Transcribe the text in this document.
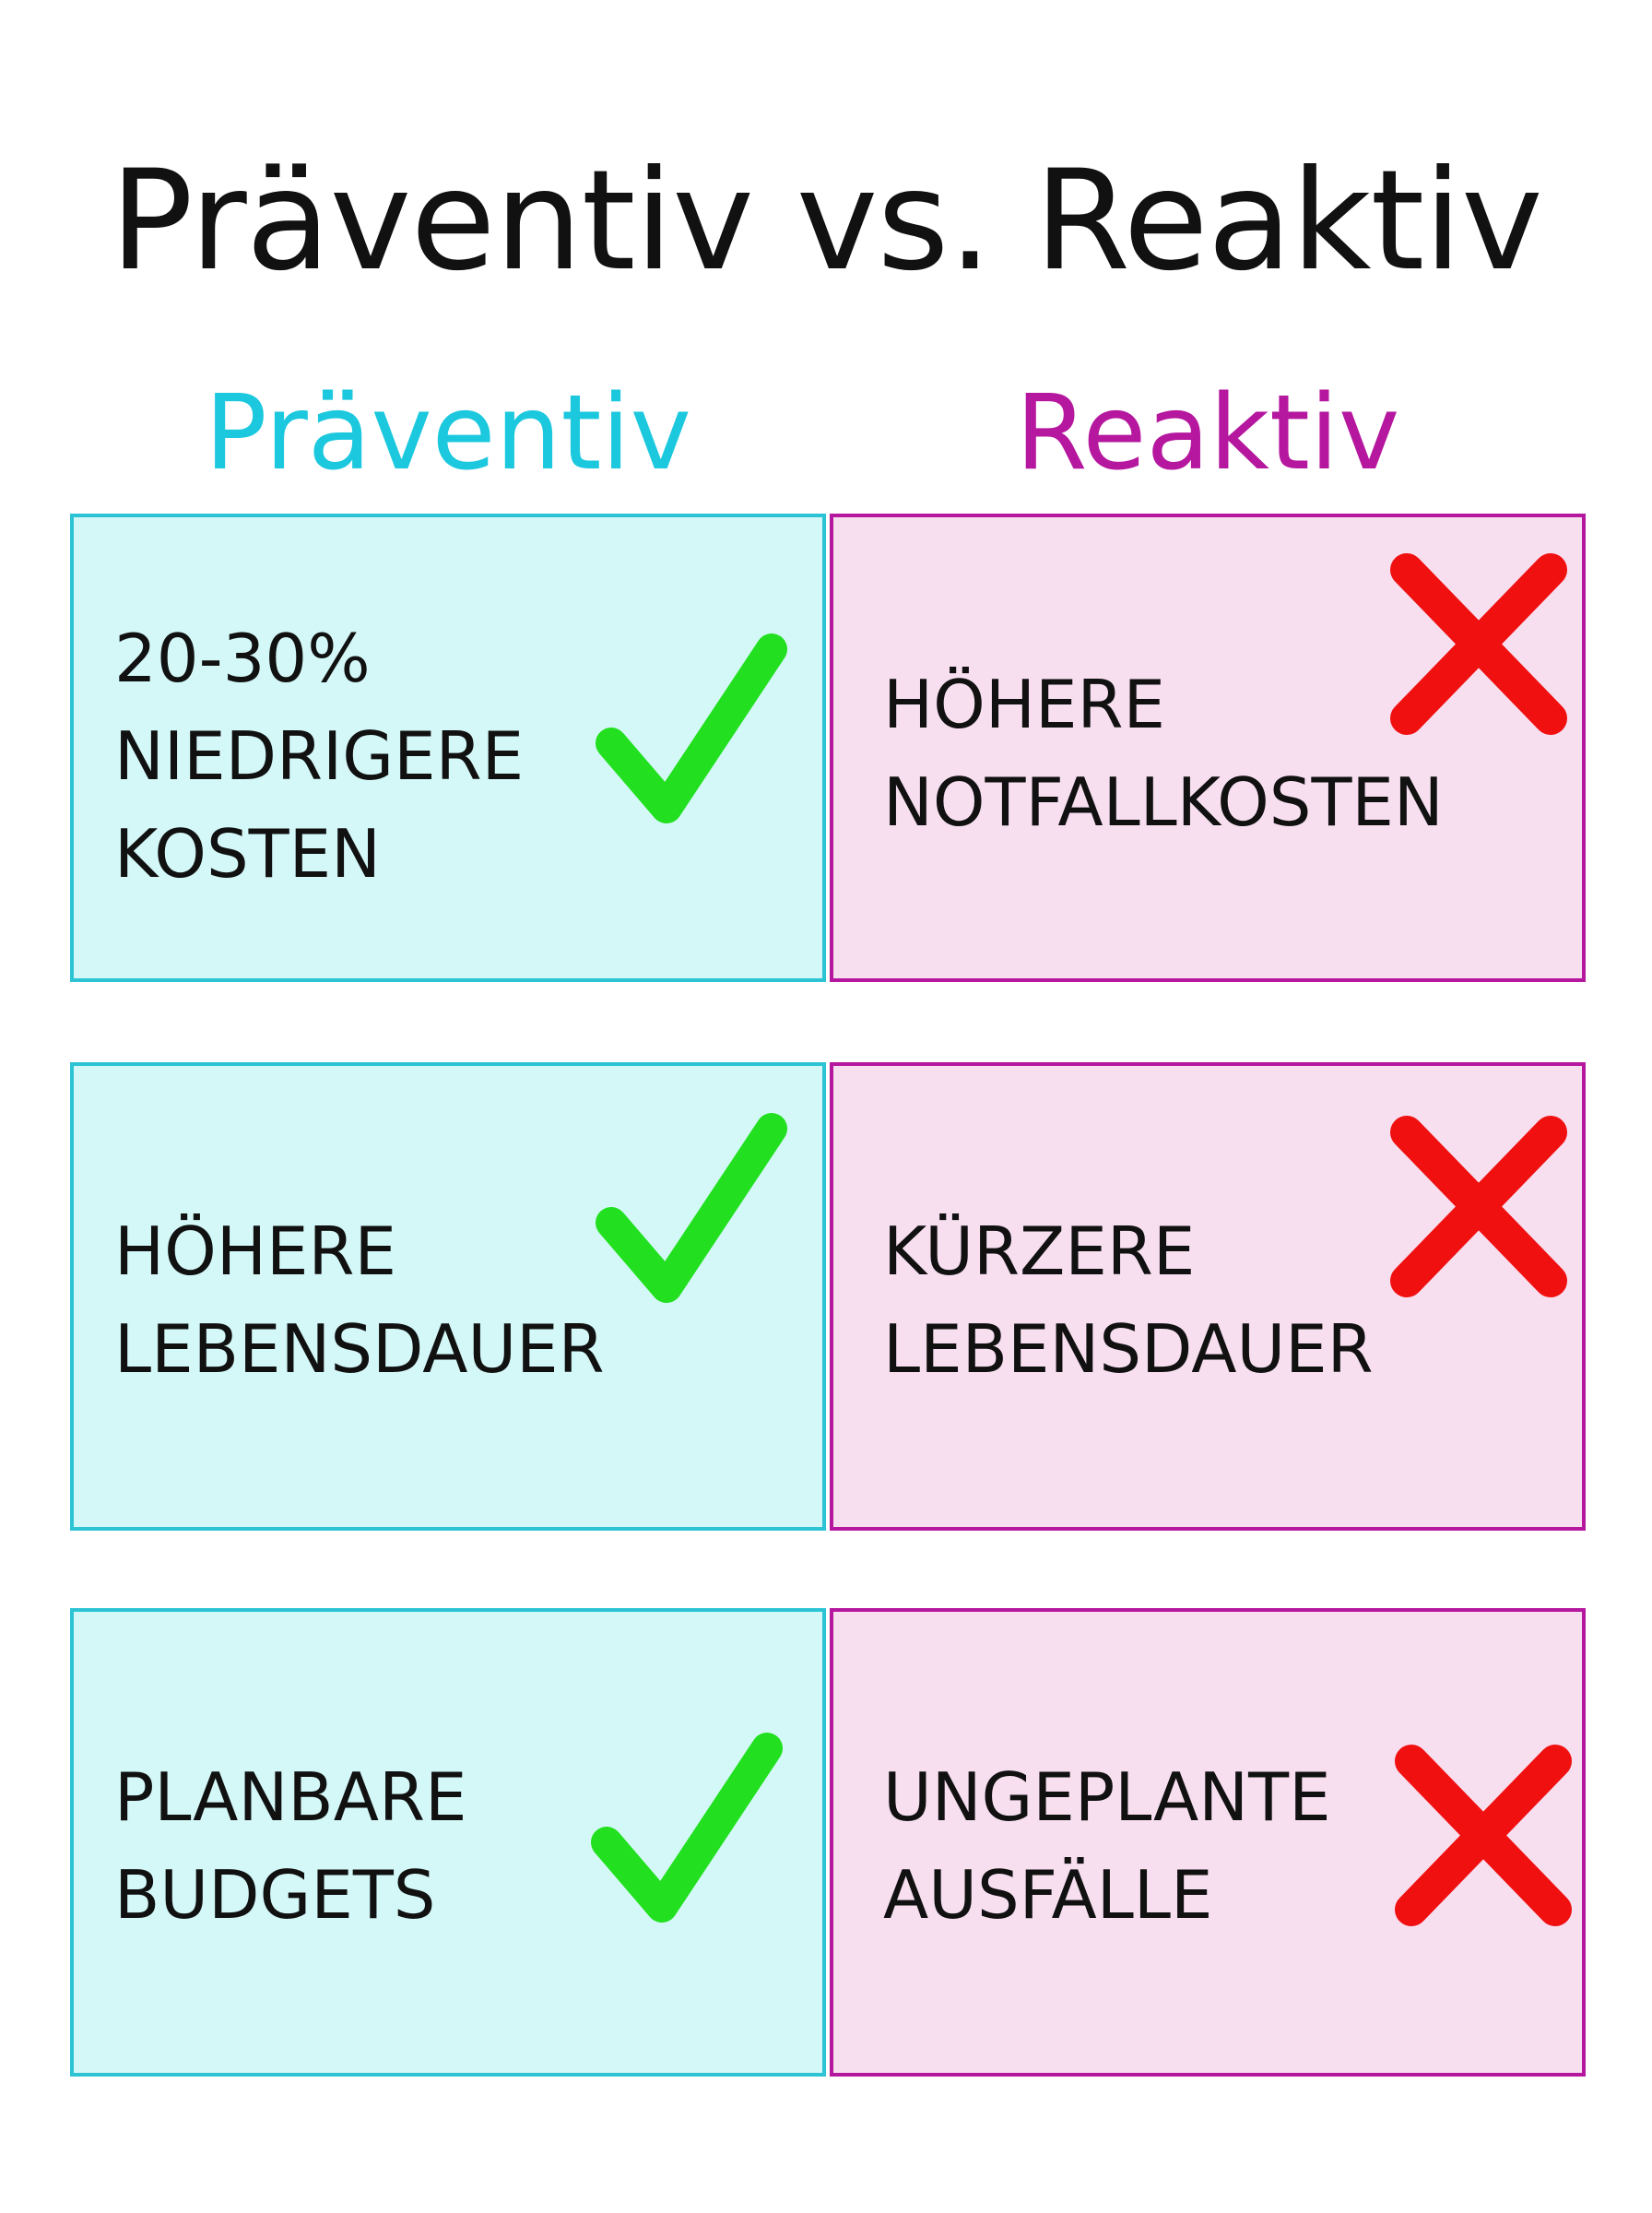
Präventiv vs. Reaktiv
Präventiv	Reaktiv

20-30%
NIEDRIGERE
KOSTEN

HÖHERE
NOTFALLKOSTEN

HÖHERE
LEBENSDAUER

KÜRZERE
LEBENSDAUER

PLANBARE
BUDGETS

UNGEPLANTE
AUSFÄLLE
